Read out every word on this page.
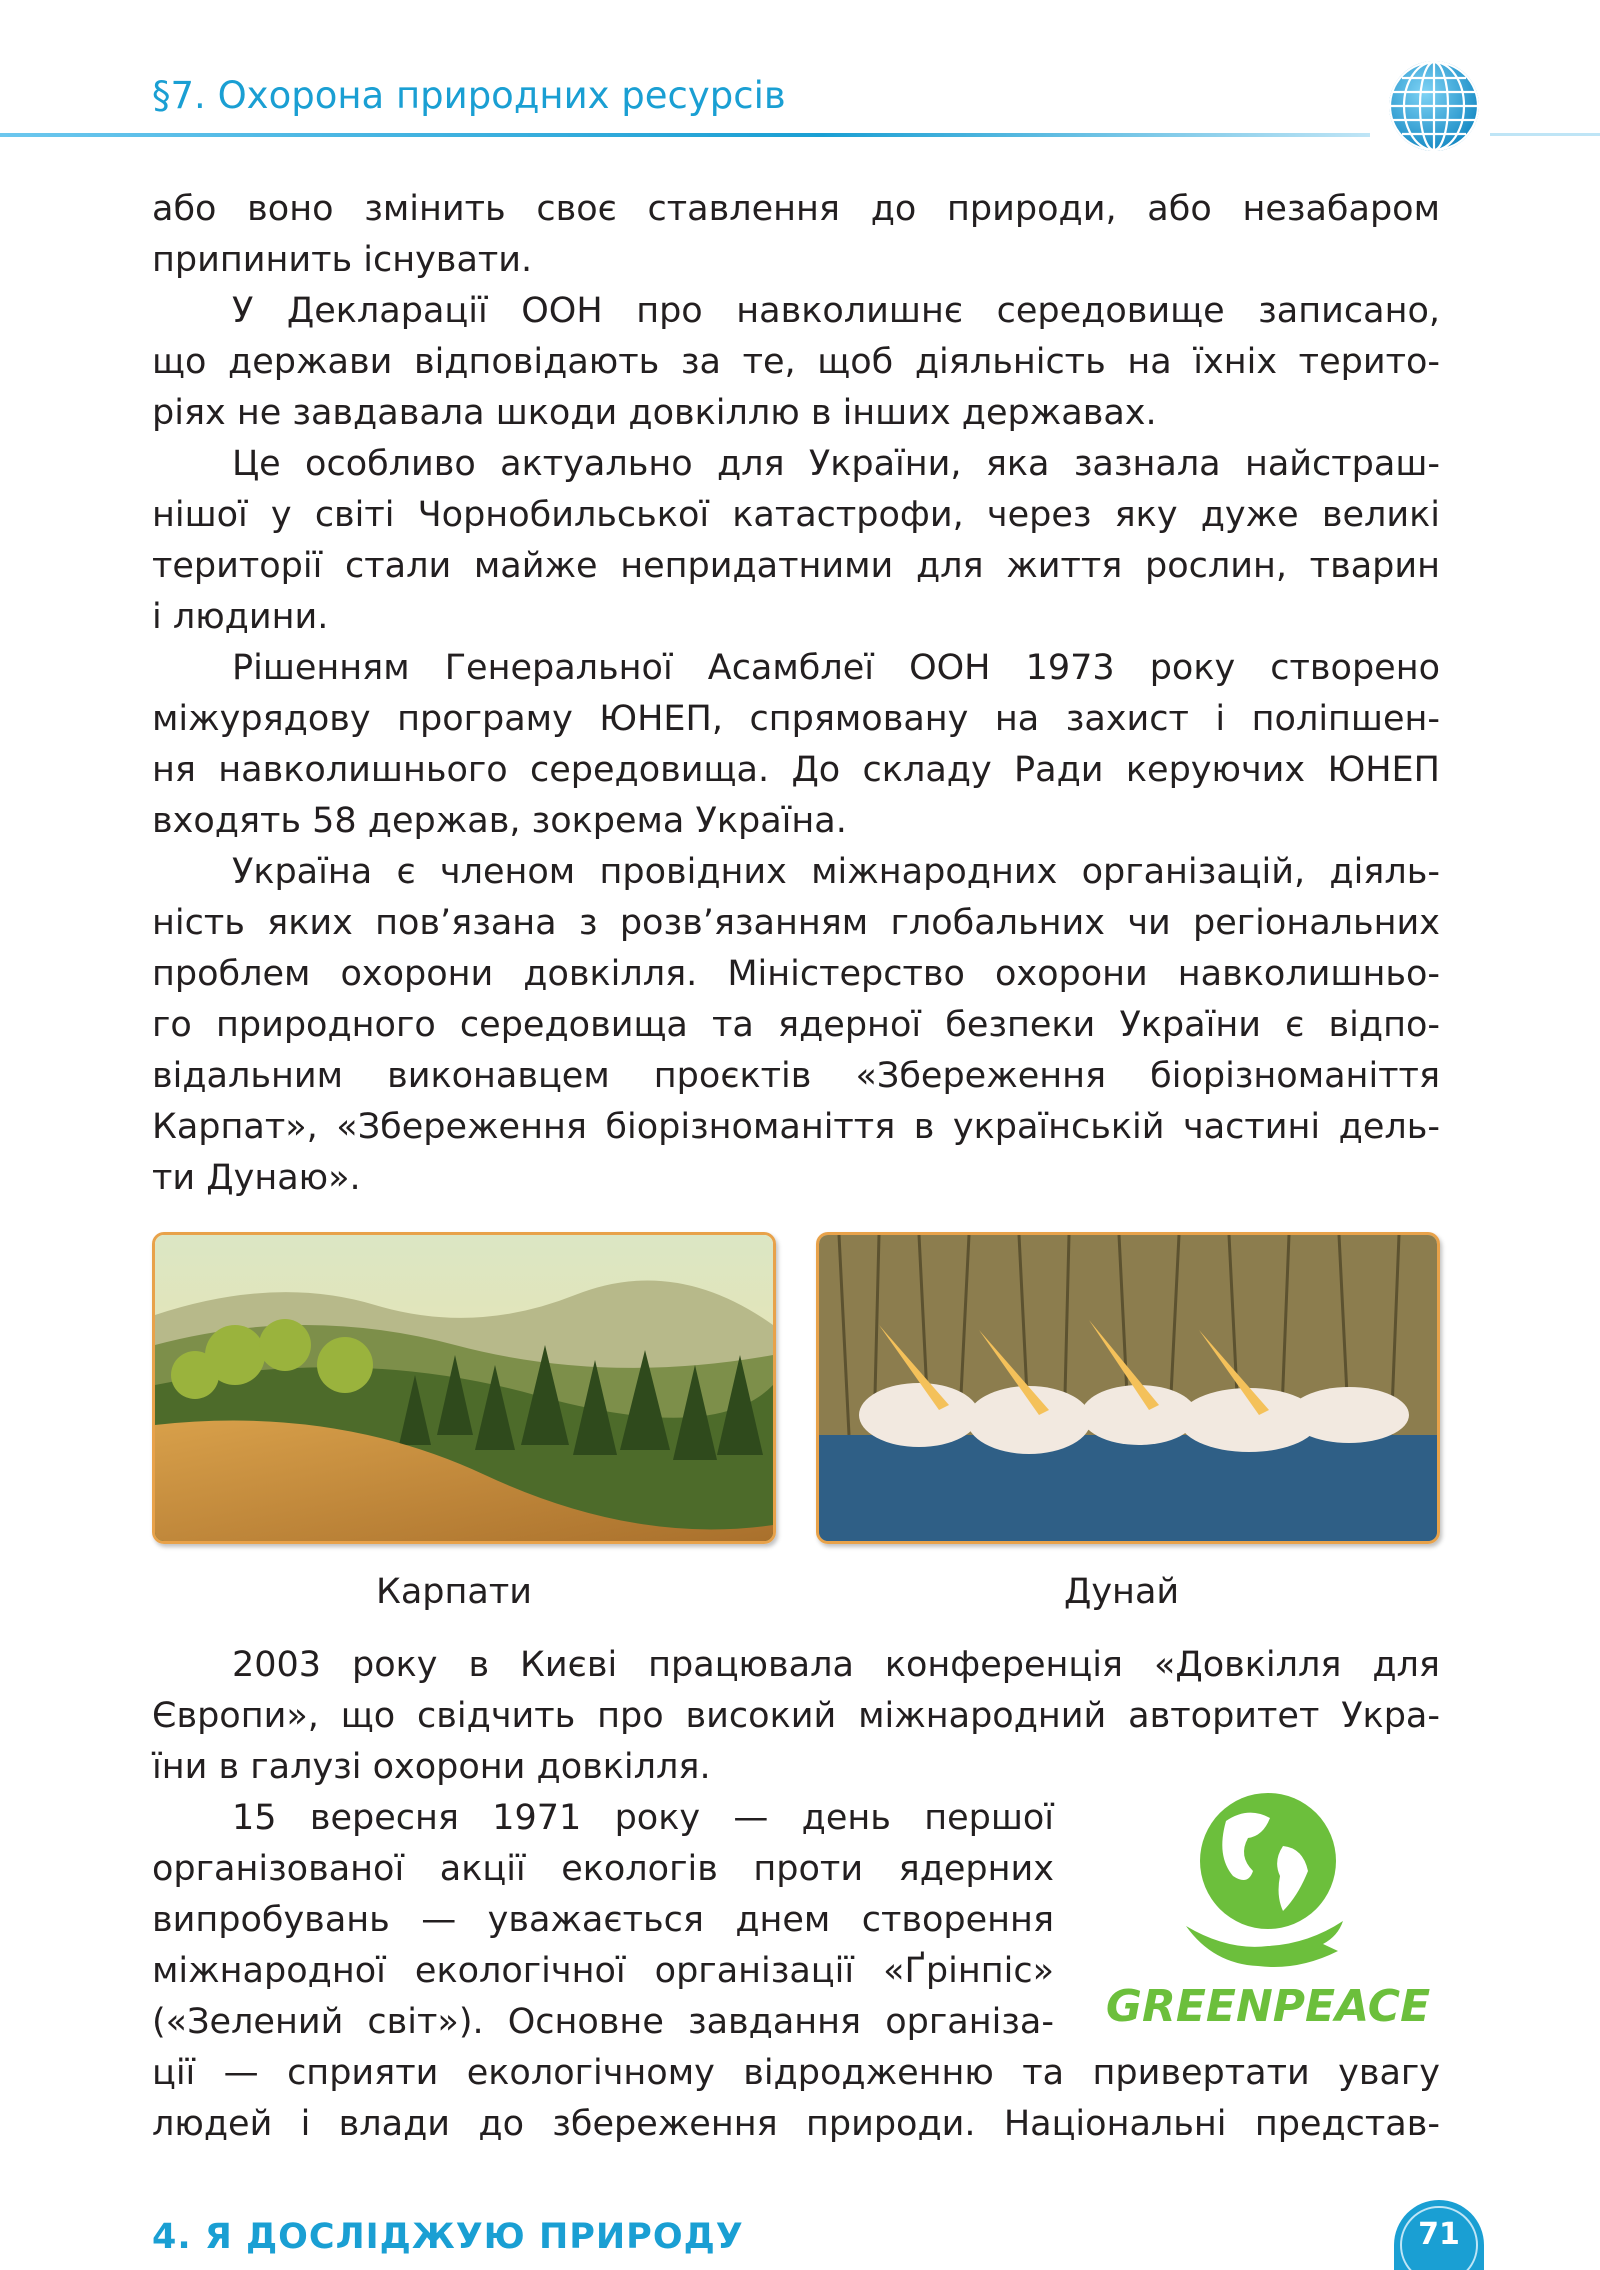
§7. Охорона природних ресурсів

або воно змінить своє ставлення до природи, або незабаром

припинить існувати.

У Декларації ООН про навколишнє середовище записано,

що держави відповідають за те, щоб діяльність на їхніх терито-

ріях не завдавала шкоди довкіллю в інших державах.

Це особливо актуально для України, яка зазнала найстраш-

нішої у світі Чорнобильської катастрофи, через яку дуже великі

території стали майже непридатними для життя рослин, тварин

і людини.

Рішенням Генеральної Асамблеї ООН 1973 року створено

міжурядову програму ЮНЕП, спрямовану на захист і поліпшен-

ня навколишнього середовища. До складу Ради керуючих ЮНЕП

входять 58 держав, зокрема Україна.

Україна є членом провідних міжнародних організацій, діяль-

ність яких пов’язана з розв’язанням глобальних чи регіональних

проблем охорони довкілля. Міністерство охорони навколишньо-

го природного середовища та ядерної безпеки України є відпо-

відальним виконавцем проєктів «Збереження біорізноманіття

Карпат», «Збереження біорізноманіття в українській частині дель-

ти Дунаю».

Карпати	Дунай

2003 року в Києві працювала конференція «Довкілля для

Європи», що свідчить про високий міжнародний авторитет Укра-

їни в галузі охорони довкілля.

15 вересня 1971 року — день першої

організованої акції екологів проти ядерних

випробувань — уважається днем створення

міжнародної екологічної організації «Ґрінпіс»

(«Зелений світ»). Основне завдання організа-

ції — сприяти екологічному відродженню та привертати увагу

людей і влади до збереження природи. Національні представ-

GREENPEACE
4. Я ДОСЛІДЖУЮ ПРИРОДУ	71
